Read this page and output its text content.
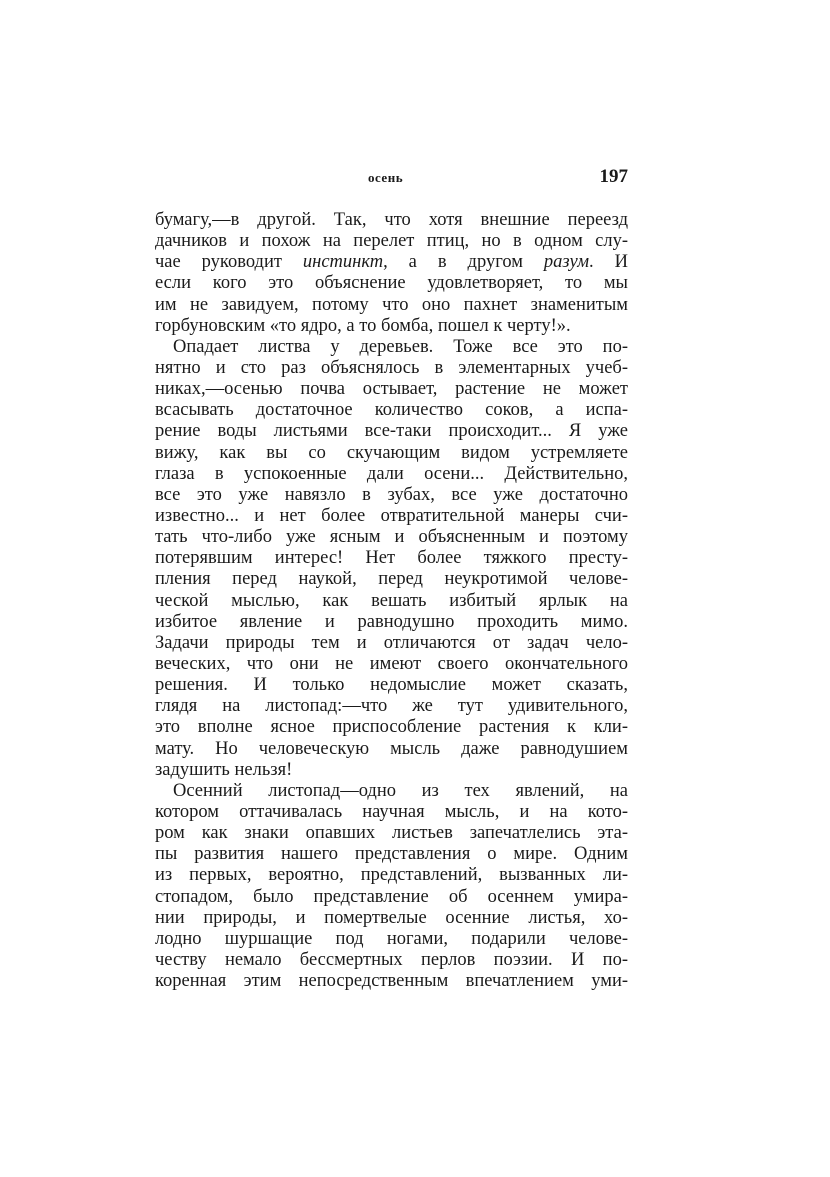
осень	197
бумагу,—в другой. Так, что хотя внешние переезд
дачников и похож на перелет птиц, но в одном слу-
чае руководит инстинкт, а в другом разум. И
если кого это объяснение удовлетворяет, то мы
им не завидуем, потому что оно пахнет знаменитым
горбуновским «то ядро, а то бомба, пошел к черту!».
Опадает листва у деревьев. Тоже все это по-
нятно и сто раз объяснялось в элементарных учеб-
никах,—осенью почва остывает, растение не может
всасывать достаточное количество соков, а испа-
рение воды листьями все-таки происходит... Я уже
вижу, как вы со скучающим видом устремляете
глаза в успокоенные дали осени... Действительно,
все это уже навязло в зубах, все уже достаточно
известно... и нет более отвратительной манеры счи-
тать что-либо уже ясным и объясненным и поэтому
потерявшим интерес! Нет более тяжкого престу-
пления перед наукой, перед неукротимой челове-
ческой мыслью, как вешать избитый ярлык на
избитое явление и равнодушно проходить мимо.
Задачи природы тем и отличаются от задач чело-
веческих, что они не имеют своего окончательного
решения. И только недомыслие может сказать,
глядя на листопад:—что же тут удивительного,
это вполне ясное приспособление растения к кли-
мату. Но человеческую мысль даже равнодушием
задушить нельзя!
Осенний листопад—одно из тех явлений, на
котором оттачивалась научная мысль, и на кото-
ром как знаки опавших листьев запечатлелись эта-
пы развития нашего представления о мире. Одним
из первых, вероятно, представлений, вызванных ли-
стопадом, было представление об осеннем умира-
нии природы, и помертвелые осенние листья, хо-
лодно шуршащие под ногами, подарили челове-
честву немало бессмертных перлов поэзии. И по-
коренная этим непосредственным впечатлением уми-
